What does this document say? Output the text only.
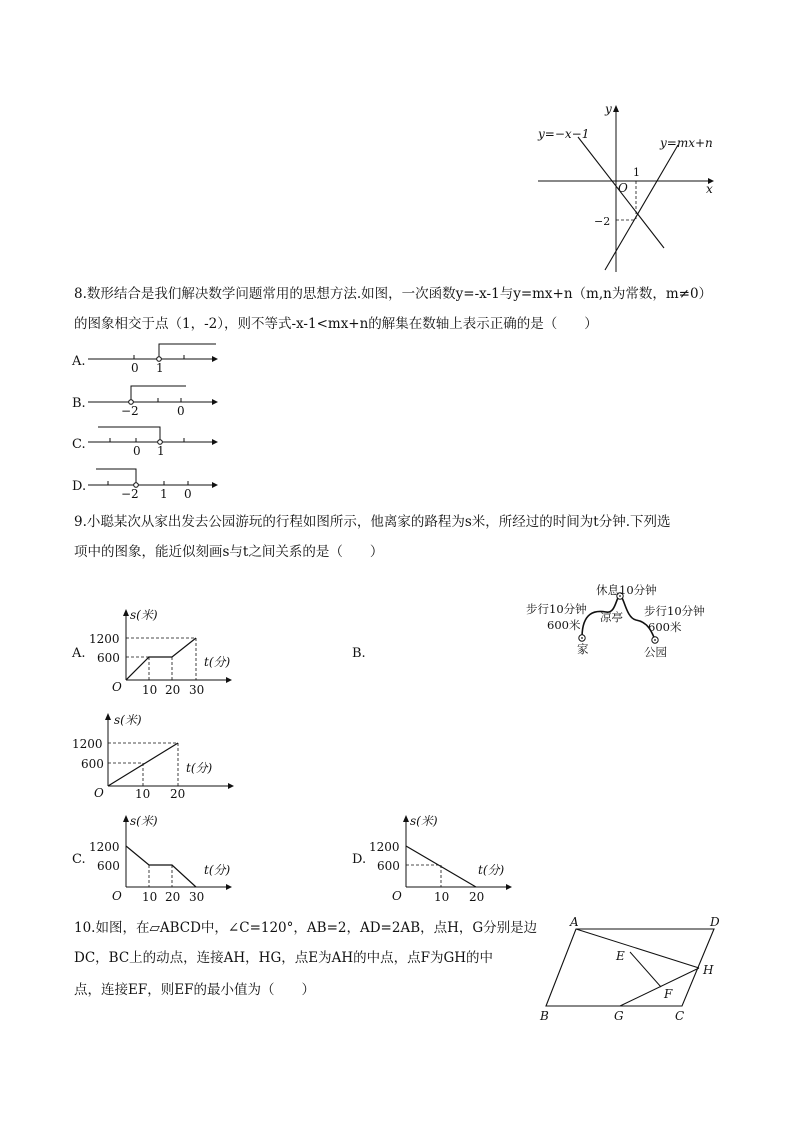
y
x
O
1
−2
y=−x−1
y=mx+n
8.数形结合是我们解决数学问题常用的思想方法.如图，一次函数y=-x-1与y=mx+n（m,n为常数，m≠0）
的图象相交于点（1，-2），则不等式-x-1<mx+n的解集在数轴上表示正确的是（　　）
A.	0 1
B.	−2	0
C.	0 1
D.	−2 1 0
9.小聪某次从家出发去公园游玩的行程如图所示，他离家的路程为s米，所经过的时间为t分钟.下列选
项中的图象，能近似刻画s与t之间关系的是（　　）
休息10分钟
步行10分钟
600米
凉亭 步行10分钟
600米
家	公园
A.
s(米)
t(分)
O
1200
600
10 20 30
B.
s(米)
t(分)
O
1200
600
10 20
C.
s(米)
t(分)
O
1200
600
10 20 30
D.
s(米)
t(分)
O
1200
600
10 20
10.如图，在▱ABCD中，∠C=120°，AB=2，AD=2AB，点H，G分别是边
DC，BC上的动点，连接AH，HG，点E为AH的中点，点F为GH的中
点，连接EF，则EF的最小值为（　　）
A	D
B	C
G
H
E
F
